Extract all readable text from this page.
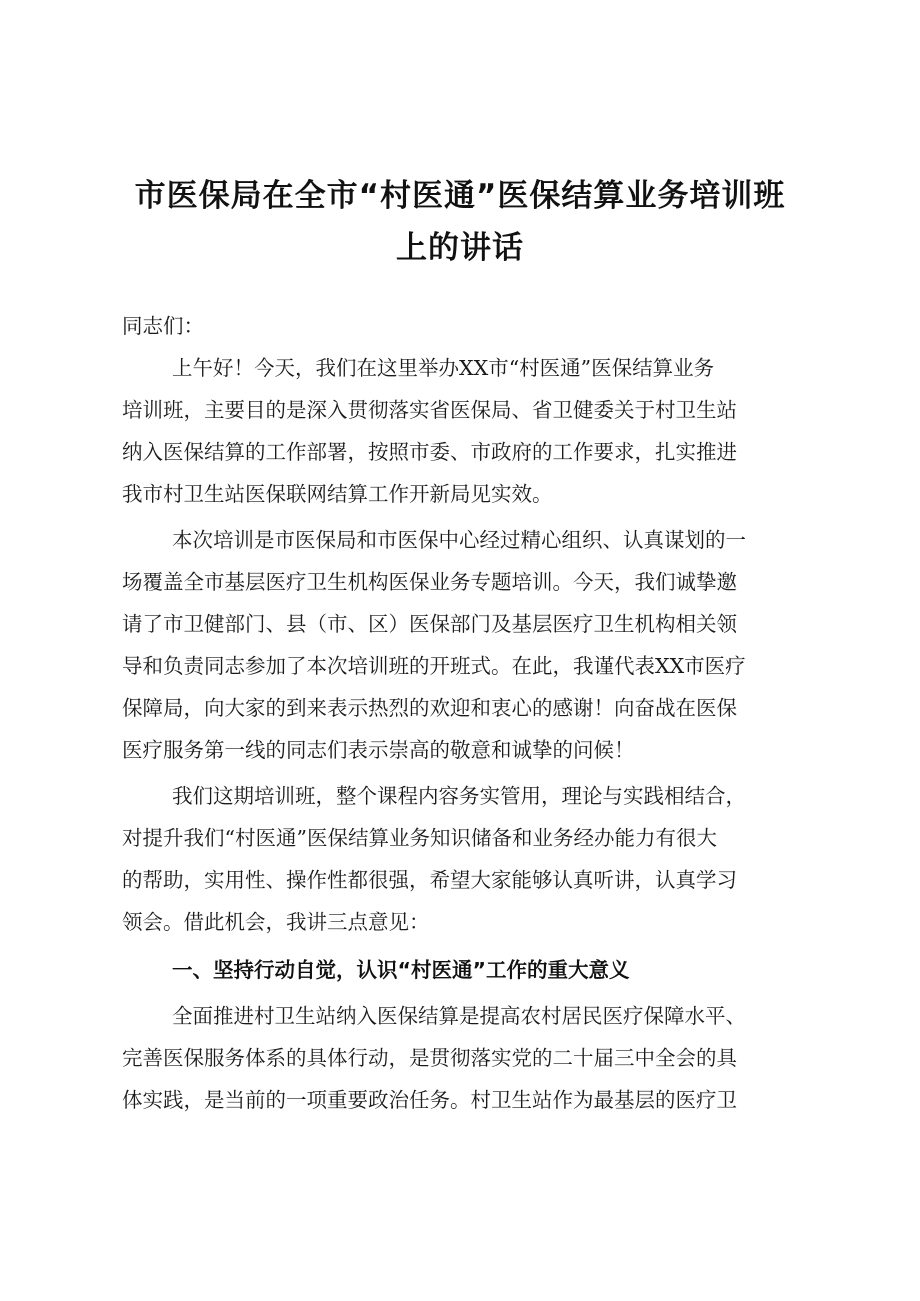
市医保局在全市“村医通”医保结算业务培训班
上的讲话
同志们：
上午好！今天，我们在这里举办XX市“村医通”医保结算业务
培训班，主要目的是深入贯彻落实省医保局、省卫健委关于村卫生站
纳入医保结算的工作部署，按照市委、市政府的工作要求，扎实推进
我市村卫生站医保联网结算工作开新局见实效。
本次培训是市医保局和市医保中心经过精心组织、认真谋划的一
场覆盖全市基层医疗卫生机构医保业务专题培训。今天，我们诚挚邀
请了市卫健部门、县（市、区）医保部门及基层医疗卫生机构相关领
导和负责同志参加了本次培训班的开班式。在此，我谨代表XX市医疗
保障局，向大家的到来表示热烈的欢迎和衷心的感谢！向奋战在医保
医疗服务第一线的同志们表示崇高的敬意和诚挚的问候！
我们这期培训班，整个课程内容务实管用，理论与实践相结合，
对提升我们“村医通”医保结算业务知识储备和业务经办能力有很大
的帮助，实用性、操作性都很强，希望大家能够认真听讲，认真学习
领会。借此机会，我讲三点意见：
一、坚持行动自觉，认识“村医通”工作的重大意义
全面推进村卫生站纳入医保结算是提高农村居民医疗保障水平、
完善医保服务体系的具体行动，是贯彻落实党的二十届三中全会的具
体实践，是当前的一项重要政治任务。村卫生站作为最基层的医疗卫
